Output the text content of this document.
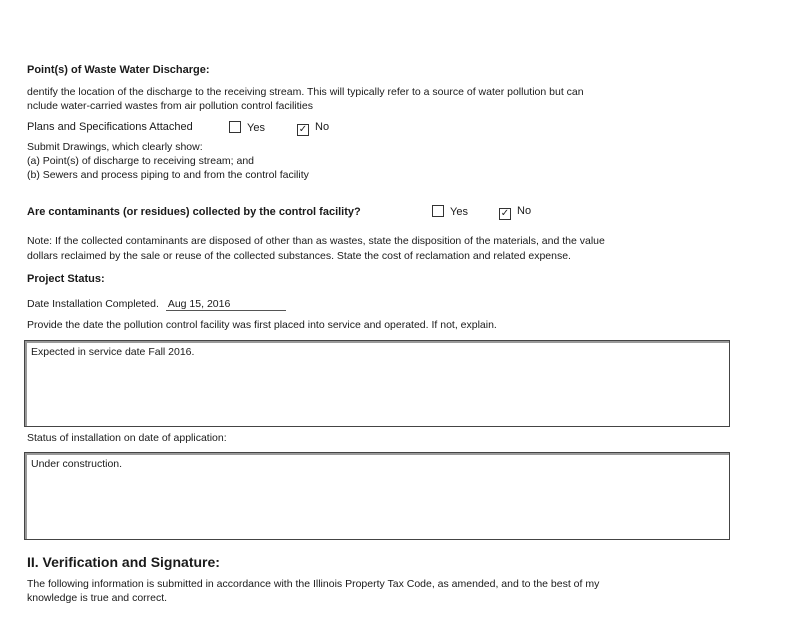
Point(s) of Waste Water Discharge:
dentify the location of the discharge to the receiving stream. This will typically refer to a source of water pollution but can
nclude water-carried wastes from air pollution control facilities
Plans and Specifications Attached	Yes	✓ No
Submit Drawings, which clearly show:
(a) Point(s) of discharge to receiving stream; and
(b) Sewers and process piping to and from the control facility
Are contaminants (or residues) collected by the control facility?	Yes	✓ No
Note: If the collected contaminants are disposed of other than as wastes, state the disposition of the materials, and the value
dollars reclaimed by the sale or reuse of the collected substances. State the cost of reclamation and related expense.
Project Status:
Date Installation Completed. Aug 15, 2016
Provide the date the pollution control facility was first placed into service and operated. If not, explain.
Expected in service date Fall 2016.
Status of installation on date of application:
Under construction.
II. Verification and Signature:
The following information is submitted in accordance with the Illinois Property Tax Code, as amended, and to the best of my
knowledge is true and correct.
